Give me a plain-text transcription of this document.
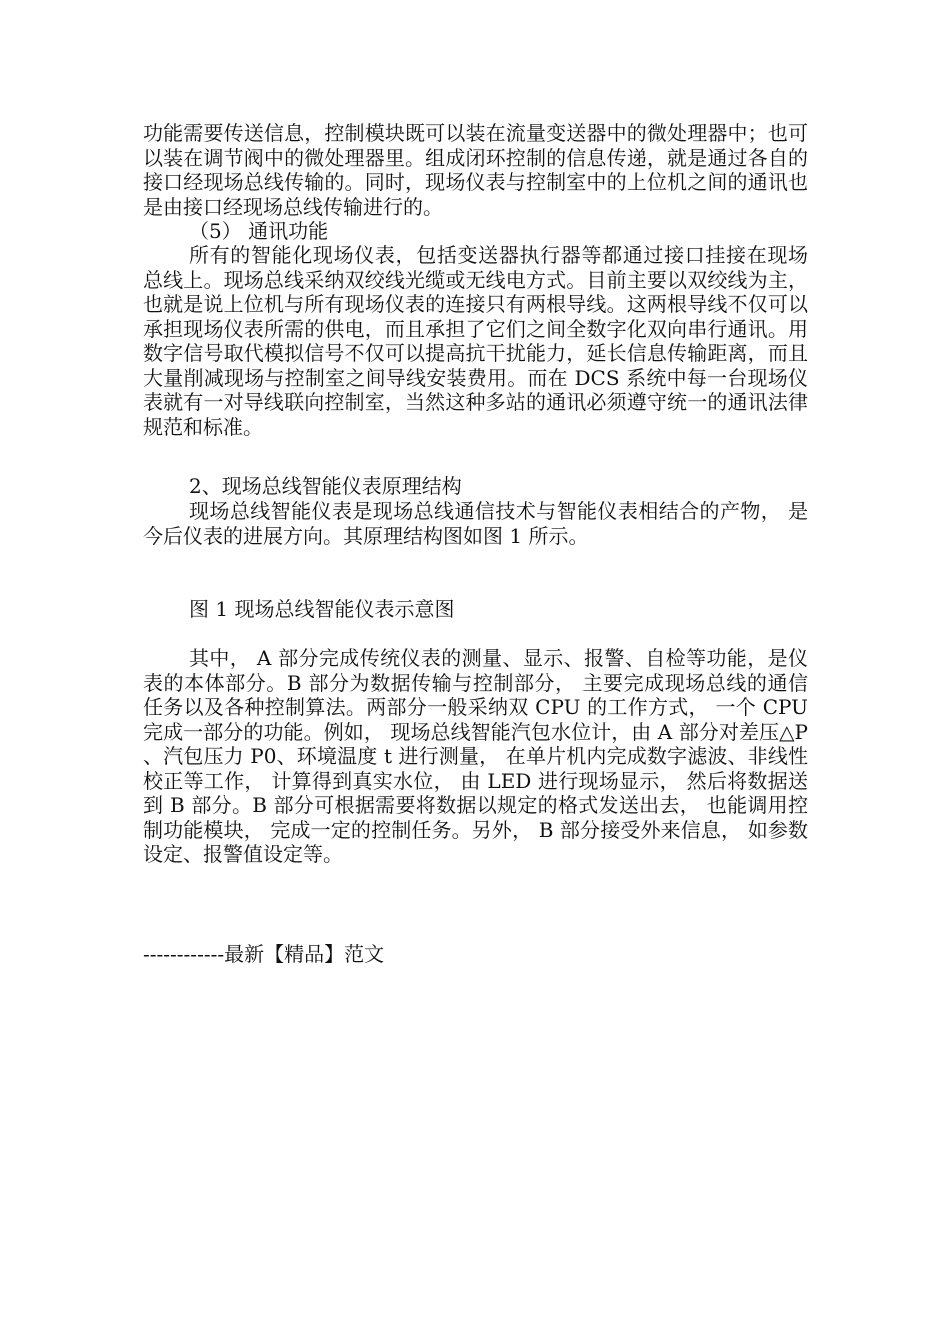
功能需要传送信息，控制模块既可以装在流量变送器中的微处理器中；也可以装在调节阀中的微处理器里。组成闭环控制的信息传递，就是通过各自的接口经现场总线传输的。同时，现场仪表与控制室中的上位机之间的通讯也是由接口经现场总线传输进行的。
（5） 通讯功能
所有的智能化现场仪表，包括变送器执行器等都通过接口挂接在现场总线上。现场总线采纳双绞线光缆或无线电方式。目前主要以双绞线为主，也就是说上位机与所有现场仪表的连接只有两根导线。这两根导线不仅可以承担现场仪表所需的供电，而且承担了它们之间全数字化双向串行通讯。用数字信号取代模拟信号不仅可以提高抗干扰能力，延长信息传输距离，而且大量削减现场与控制室之间导线安装费用。而在 DCS 系统中每一台现场仪表就有一对导线联向控制室，当然这种多站的通讯必须遵守统一的通讯法律规范和标准。
2、现场总线智能仪表原理结构
现场总线智能仪表是现场总线通信技术与智能仪表相结合的产物， 是今后仪表的进展方向。其原理结构图如图 1 所示。
图 1 现场总线智能仪表示意图
其中， A 部分完成传统仪表的测量、显示、报警、自检等功能，是仪表的本体部分。B 部分为数据传输与控制部分， 主要完成现场总线的通信任务以及各种控制算法。两部分一般采纳双 CPU 的工作方式， 一个 CPU 完成一部分的功能。例如， 现场总线智能汽包水位计，由 A 部分对差压△P 、汽包压力 P0、环境温度 t 进行测量， 在单片机内完成数字滤波、非线性校正等工作， 计算得到真实水位， 由 LED 进行现场显示， 然后将数据送到 B 部分。B 部分可根据需要将数据以规定的格式发送出去， 也能调用控制功能模块， 完成一定的控制任务。另外， B 部分接受外来信息， 如参数设定、报警值设定等。
------------最新【精品】范文
